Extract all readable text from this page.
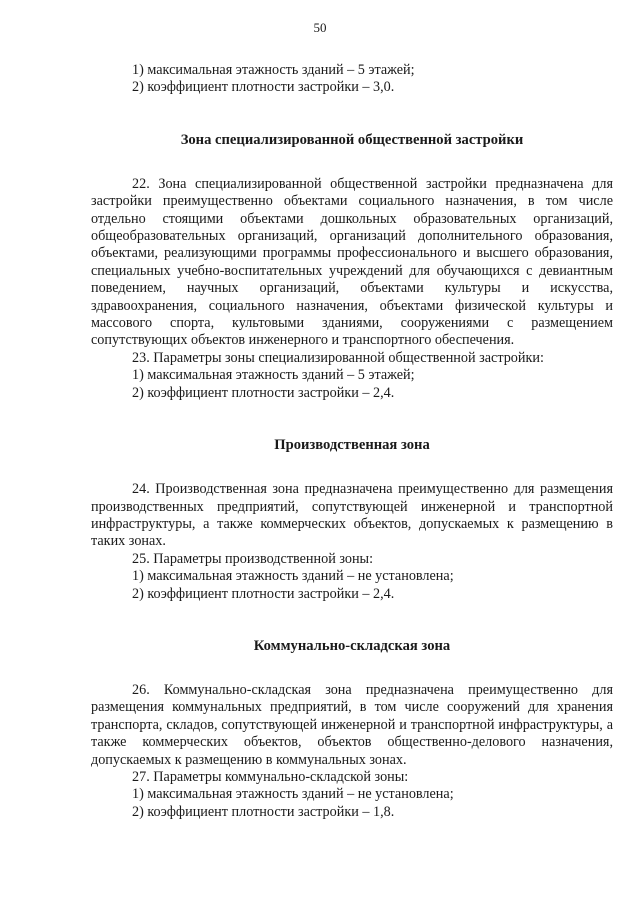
50

1) максимальная этажность зданий – 5 этажей;

2) коэффициент плотности застройки – 3,0.

Зона специализированной общественной застройки

22. Зона специализированной общественной застройки предназначена для застройки преимущественно объектами социального назначения, в том числе отдельно стоящими объектами дошкольных образовательных организаций, общеобразовательных организаций, организаций дополнительного образования, объектами, реализующими программы профессионального и высшего образования, специальных учебно-воспитательных учреждений для обучающихся с девиантным поведением, научных организаций, объектами культуры и искусства, здравоохранения, социального назначения, объектами физической культуры и массового спорта, культовыми зданиями, сооружениями с размещением сопутствующих объектов инженерного и транспортного обеспечения.

23. Параметры зоны специализированной общественной застройки:

1) максимальная этажность зданий – 5 этажей;

2) коэффициент плотности застройки – 2,4.

Производственная зона

24. Производственная зона предназначена преимущественно для размещения производственных предприятий, сопутствующей инженерной и транспортной инфраструктуры, а также коммерческих объектов, допускаемых к размещению в таких зонах.

25. Параметры производственной зоны:

1) максимальная этажность зданий – не установлена;

2) коэффициент плотности застройки – 2,4.

Коммунально-складская зона

26. Коммунально-складская зона предназначена преимущественно для размещения коммунальных предприятий, в том числе сооружений для хранения транспорта, складов, сопутствующей инженерной и транспортной инфраструктуры, а также коммерческих объектов, объектов общественно-делового назначения, допускаемых к размещению в коммунальных зонах.

27. Параметры коммунально-складской зоны:

1) максимальная этажность зданий – не установлена;

2) коэффициент плотности застройки – 1,8.
